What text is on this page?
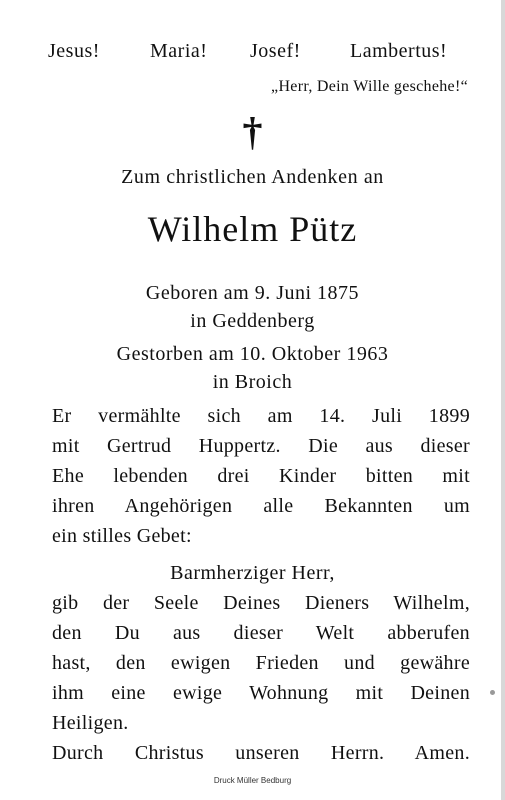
Jesus!	Maria! Josef! Lambertus!
„Herr, Dein Wille geschehe!“
†
Zum christlichen Andenken an
Wilhelm Pütz
Geboren am 9. Juni 1875
in Geddenberg
Gestorben am 10. Oktober 1963
in Broich
Er vermählte sich am 14. Juli 1899
mit Gertrud Huppertz. Die aus dieser
Ehe lebenden drei Kinder bitten mit
ihren Angehörigen alle Bekannten um
ein stilles Gebet:
Barmherziger Herr,
gib der Seele Deines Dieners Wilhelm,
den Du aus dieser Welt abberufen
hast, den ewigen Frieden und gewähre
ihm eine ewige Wohnung mit Deinen
Heiligen.
Durch Christus unseren Herrn. Amen.
Druck Müller Bedburg
